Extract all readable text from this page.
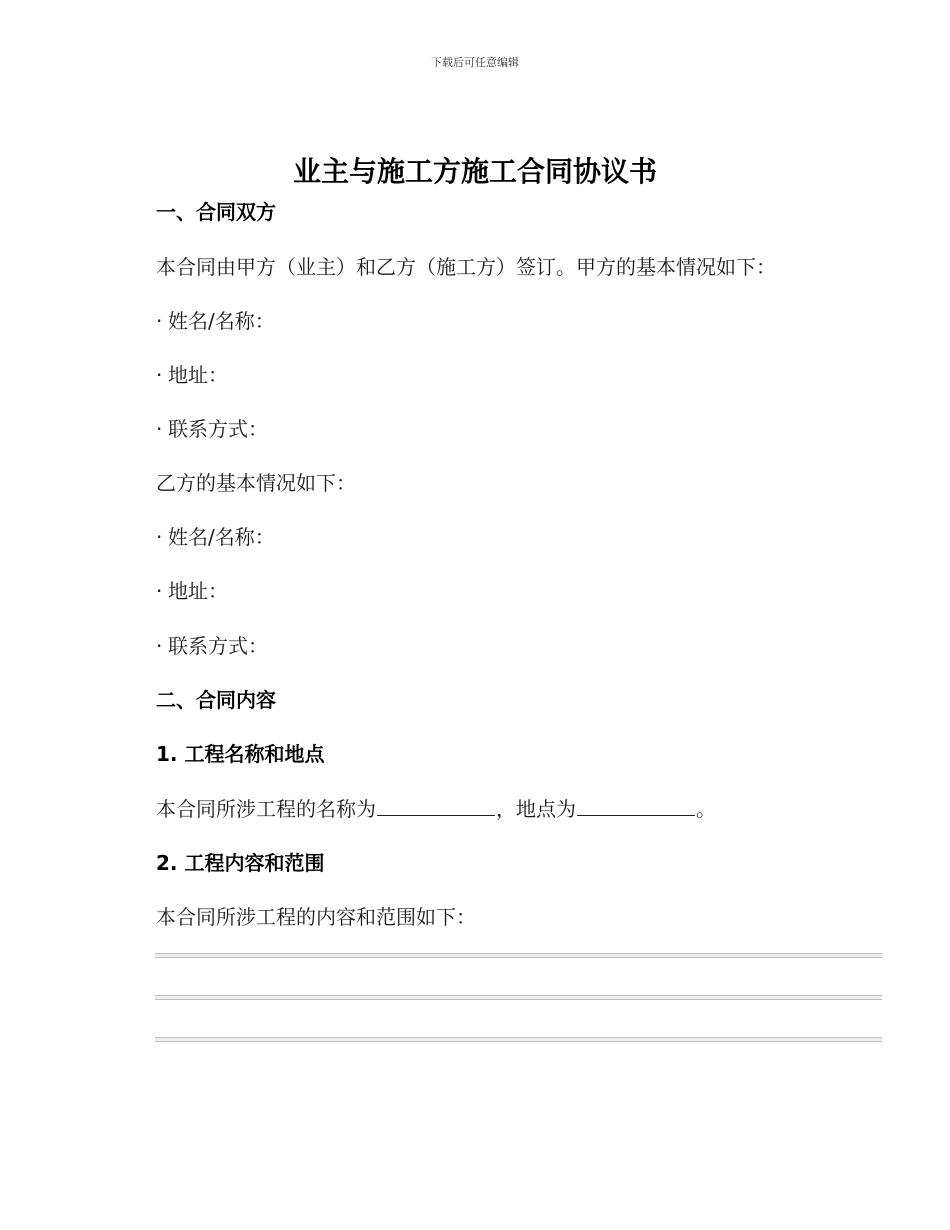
下载后可任意编辑
业主与施工方施工合同协议书
一、合同双方
本合同由甲方（业主）和乙方（施工方）签订。甲方的基本情况如下：
· 姓名/名称：
· 地址：
· 联系方式：
乙方的基本情况如下：
· 姓名/名称：
· 地址：
· 联系方式：
二、合同内容
1. 工程名称和地点
本合同所涉工程的名称为	，地点为	。
2. 工程内容和范围
本合同所涉工程的内容和范围如下：
